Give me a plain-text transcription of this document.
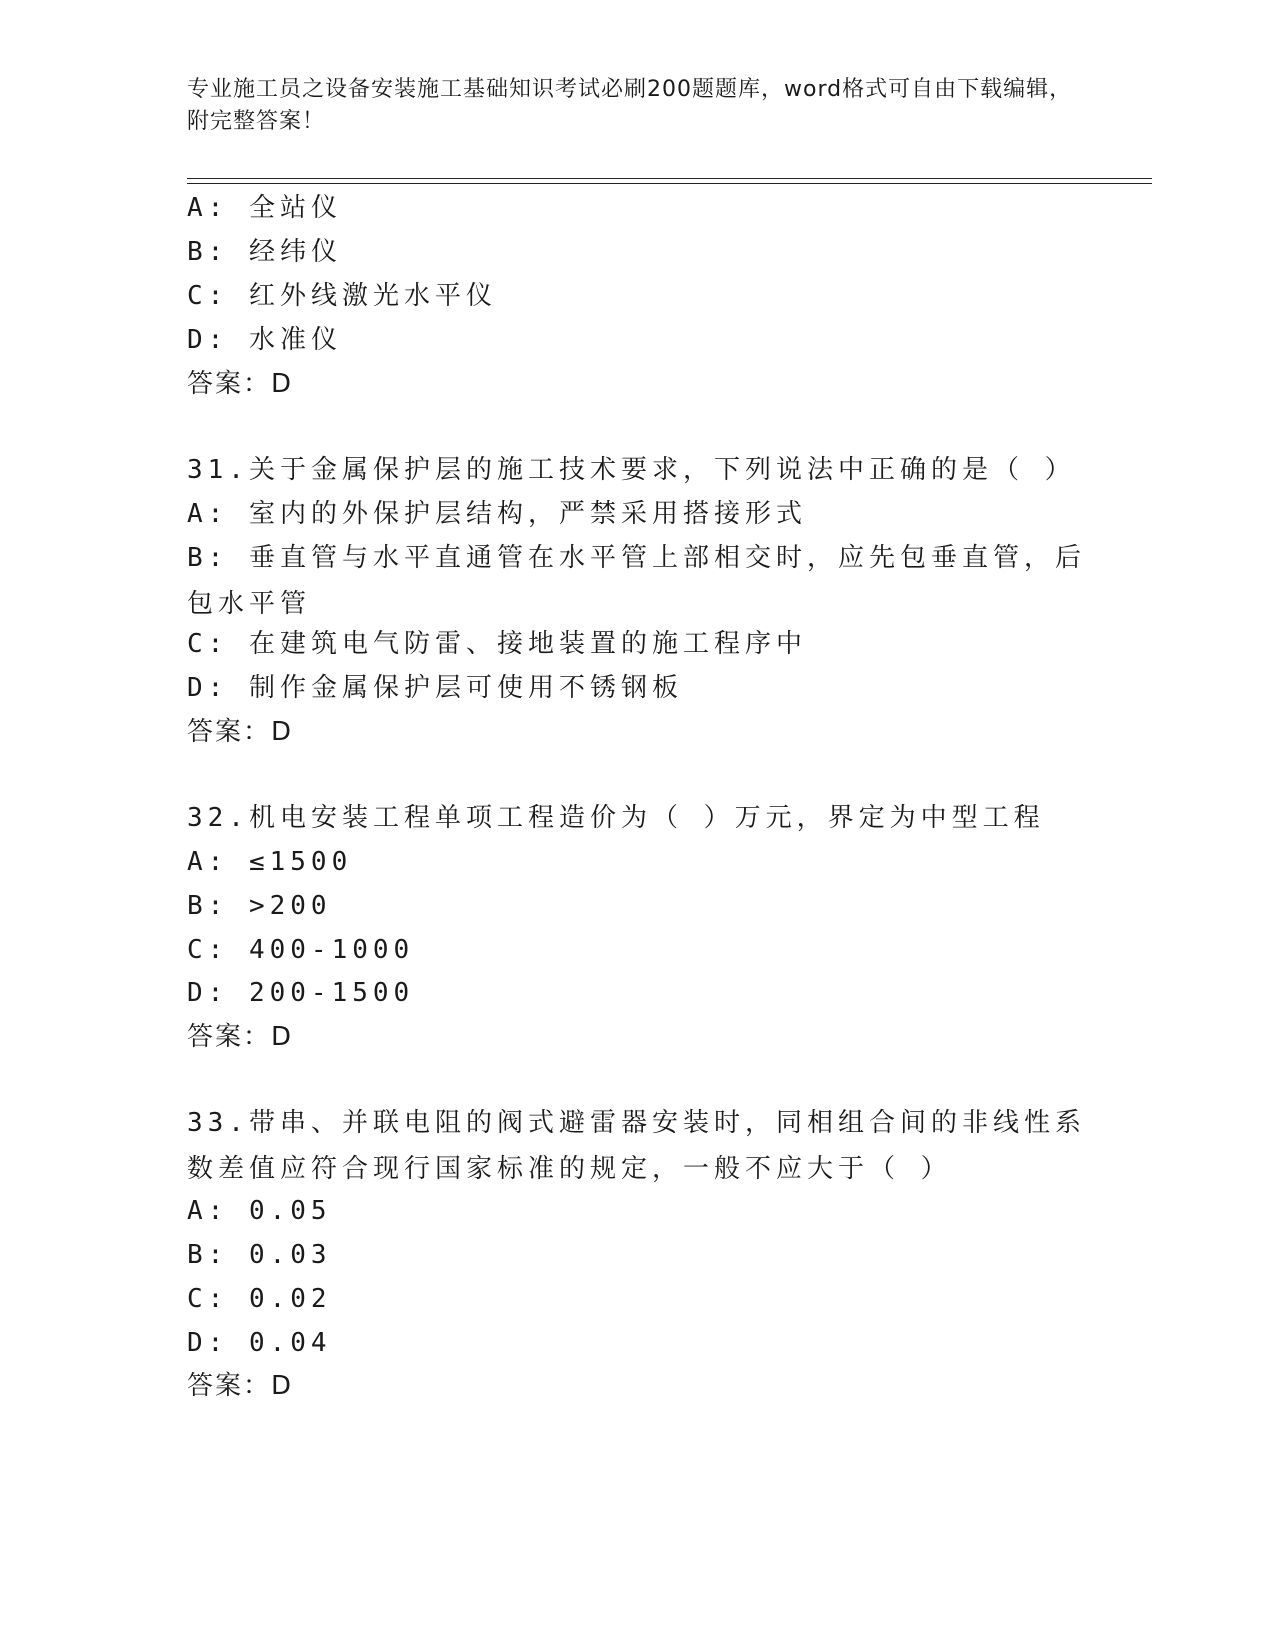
专业施工员之设备安装施工基础知识考试必刷200题题库，word格式可自由下载编辑，附完整答案！
A: 全站仪
B: 经纬仪
C: 红外线激光水平仪
D: 水准仪
答案：D
31.关于金属保护层的施工技术要求，下列说法中正确的是（ ）
A: 室内的外保护层结构，严禁采用搭接形式
B: 垂直管与水平直通管在水平管上部相交时，应先包垂直管，后包水平管
C: 在建筑电气防雷、接地装置的施工程序中
D: 制作金属保护层可使用不锈钢板
答案：D
32.机电安装工程单项工程造价为（ ）万元，界定为中型工程
A: ≤1500
B: >200
C: 400-1000
D: 200-1500
答案：D
33.带串、并联电阻的阀式避雷器安装时，同相组合间的非线性系数差值应符合现行国家标准的规定，一般不应大于（ ）
A: 0.05
B: 0.03
C: 0.02
D: 0.04
答案：D
